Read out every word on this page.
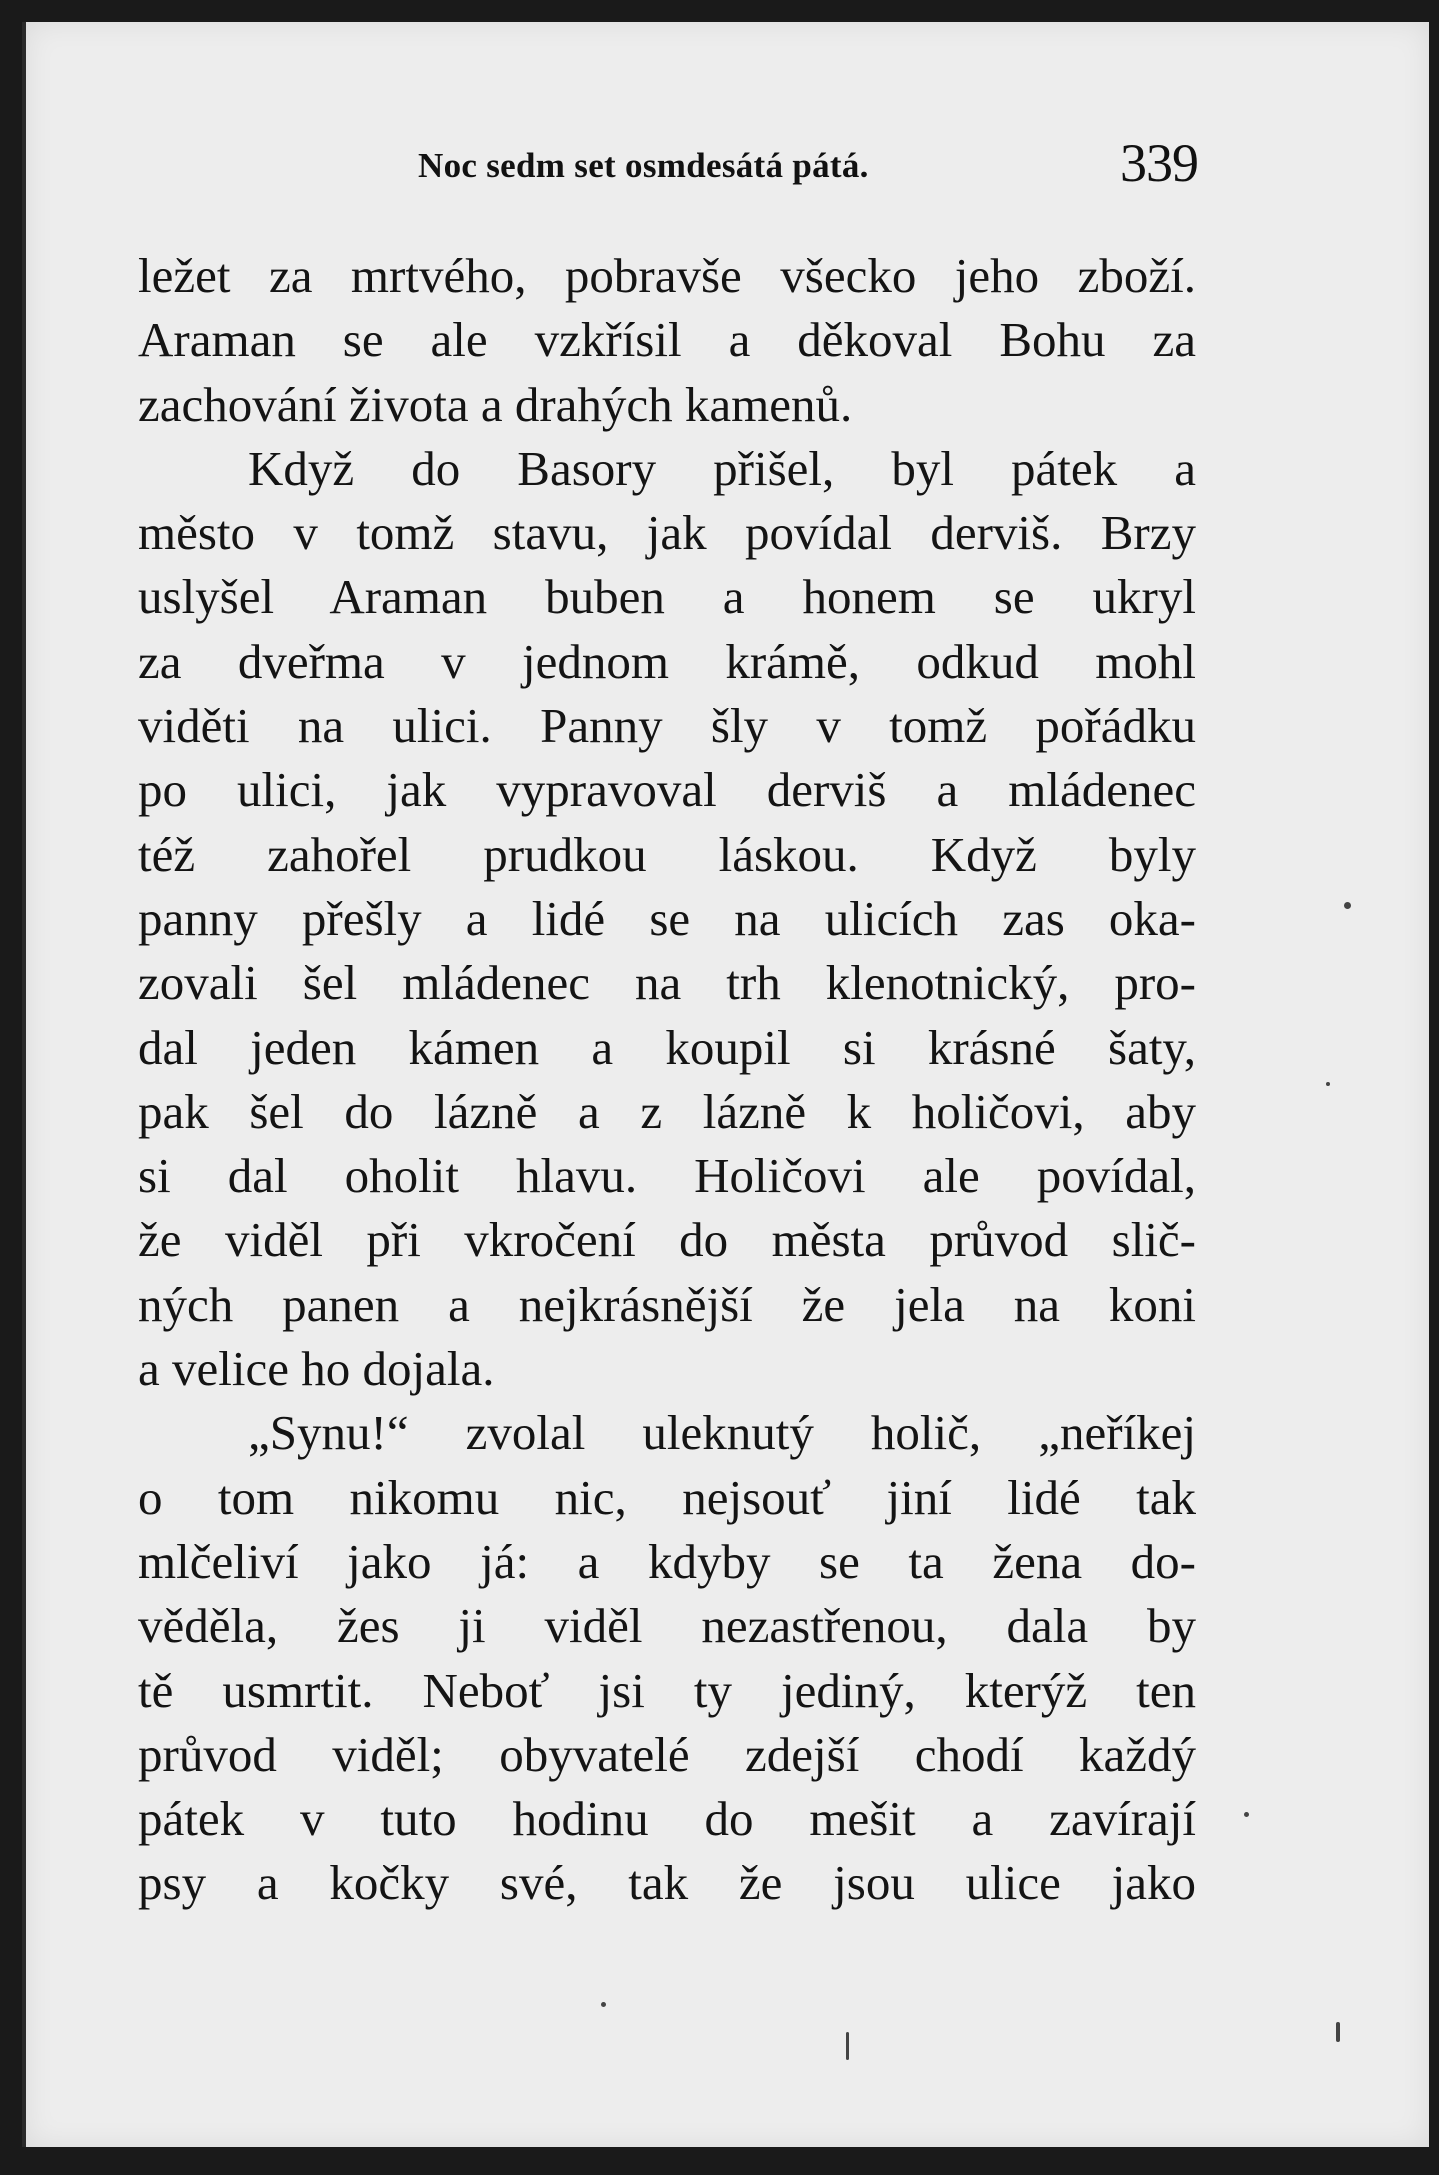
Noc sedm set osmdesátá pátá.	339
ležet za mrtvého, pobravše všecko jeho zboží.
Araman se ale vzkřísil a děkoval Bohu za
zachování života a drahých kamenů.
Když do Basory přišel, byl pátek a
město v tomž stavu, jak povídal derviš. Brzy
uslyšel Araman buben a honem se ukryl
za dveřma v jednom krámě, odkud mohl
viděti na ulici. Panny šly v tomž pořádku
po ulici, jak vypravoval derviš a mládenec
též zahořel prudkou láskou. Když byly
panny přešly a lidé se na ulicích zas oka-
zovali šel mládenec na trh klenotnický, pro-
dal jeden kámen a koupil si krásné šaty,
pak šel do lázně a z lázně k holičovi, aby
si dal oholit hlavu. Holičovi ale povídal,
že viděl při vkročení do města průvod slič-
ných panen a nejkrásnější že jela na koni
a velice ho dojala.
„Synu!“ zvolal uleknutý holič, „neříkej
o tom nikomu nic, nejsouť jiní lidé tak
mlčeliví jako já: a kdyby se ta žena do-
věděla, žes ji viděl nezastřenou, dala by
tě usmrtit. Neboť jsi ty jediný, kterýž ten
průvod viděl; obyvatelé zdejší chodí každý
pátek v tuto hodinu do mešit a zavírají
psy a kočky své, tak že jsou ulice jako
